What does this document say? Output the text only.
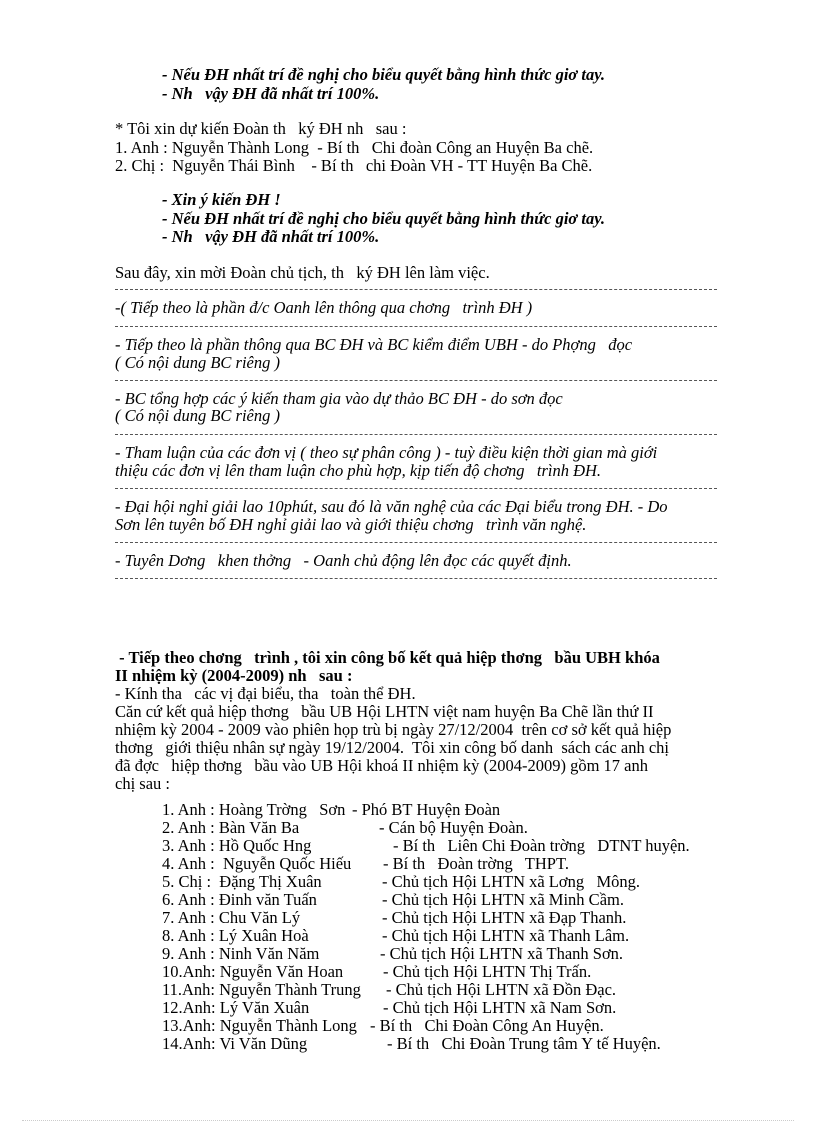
- Nếu ĐH nhất trí đề nghị cho biểu quyết bằng hình thức giơ tay.
- Nh   vậy ĐH đã nhất trí 100%.
* Tôi xin dự kiến Đoàn th   ký ĐH nh   sau :
1. Anh : Nguyễn Thành Long  - Bí th   Chi đoàn Công an Huyện Ba chẽ.
2. Chị :  Nguyễn Thái Bình    - Bí th   chi Đoàn VH - TT Huyện Ba Chẽ.
- Xin ý kiến ĐH !
- Nếu ĐH nhất trí đề nghị cho biểu quyết bằng hình thức giơ tay.
- Nh   vậy ĐH đã nhất trí 100%.
Sau đây, xin mời Đoàn chủ tịch, th   ký ĐH lên làm việc.
-( Tiếp theo là phần đ/c Oanh lên thông qua chơng   trình ĐH )
- Tiếp theo là phần thông qua BC ĐH và BC kiểm điểm UBH - do Phợng   đọc
( Có nội dung BC riêng )
- BC tổng hợp các ý kiến tham gia vào dự thảo BC ĐH - do sơn đọc
( Có nội dung BC riêng )
- Tham luận của các đơn vị ( theo sự phân công ) - tuỳ điều kiện thời gian mà giới
thiệu các đơn vị lên tham luận cho phù hợp, kịp tiến độ chơng   trình ĐH.
- Đại hội nghỉ giải lao 10phút, sau đó là văn nghệ của các Đại biểu trong ĐH. - Do
Sơn lên tuyên bố ĐH nghỉ giải lao và giới thiệu chơng   trình văn nghệ.
- Tuyên Dơng   khen thởng   - Oanh chủ động lên đọc các quyết định.
- Tiếp theo chơng   trình , tôi xin công bố kết quả hiệp thơng   bầu UBH khóa
II nhiệm kỳ (2004-2009) nh   sau :
- Kính tha   các vị đại biểu, tha   toàn thể ĐH.
Căn cứ kết quả hiệp thơng   bầu UB Hội LHTN việt nam huyện Ba Chẽ lần thứ II
nhiệm kỳ 2004 - 2009 vào phiên họp trù bị ngày 27/12/2004  trên cơ sở kết quả hiệp
thơng   giới thiệu nhân sự ngày 19/12/2004.  Tôi xin công bố danh  sách các anh chị
đã đợc   hiệp thơng   bầu vào UB Hội khoá II nhiệm kỳ (2004-2009) gồm 17 anh
chị sau :
1. Anh : Hoàng Trờng   Sơn - Phó BT Huyện Đoàn
2. Anh : Bàn Văn Ba	- Cán bộ Huyện Đoàn.
3. Anh : Hồ Quốc Hng	- Bí th   Liên Chi Đoàn trờng   DTNT huyện.
4. Anh :  Nguyễn Quốc Hiếu - Bí th   Đoàn trờng   THPT.
5. Chị :  Đặng Thị Xuân	- Chủ tịch Hội LHTN xã Lơng   Mông.
6. Anh : Đinh văn Tuấn	- Chủ tịch Hội LHTN xã Minh Cầm.
7. Anh : Chu Văn Lý	- Chủ tịch Hội LHTN xã Đạp Thanh.
8. Anh : Lý Xuân Hoà	- Chủ tịch Hội LHTN xã Thanh Lâm.
9. Anh : Ninh Văn Năm	- Chủ tịch Hội LHTN xã Thanh Sơn.
10.Anh: Nguyễn Văn Hoan - Chủ tịch Hội LHTN Thị Trấn.
11.Anh: Nguyễn Thành Trung - Chủ tịch Hội LHTN xã Đồn Đạc.
12.Anh: Lý Văn Xuân	- Chủ tịch Hội LHTN xã Nam Sơn.
13.Anh: Nguyễn Thành Long - Bí th   Chi Đoàn Công An Huyện.
14.Anh: Vi Văn Dũng	- Bí th   Chi Đoàn Trung tâm Y tế Huyện.
